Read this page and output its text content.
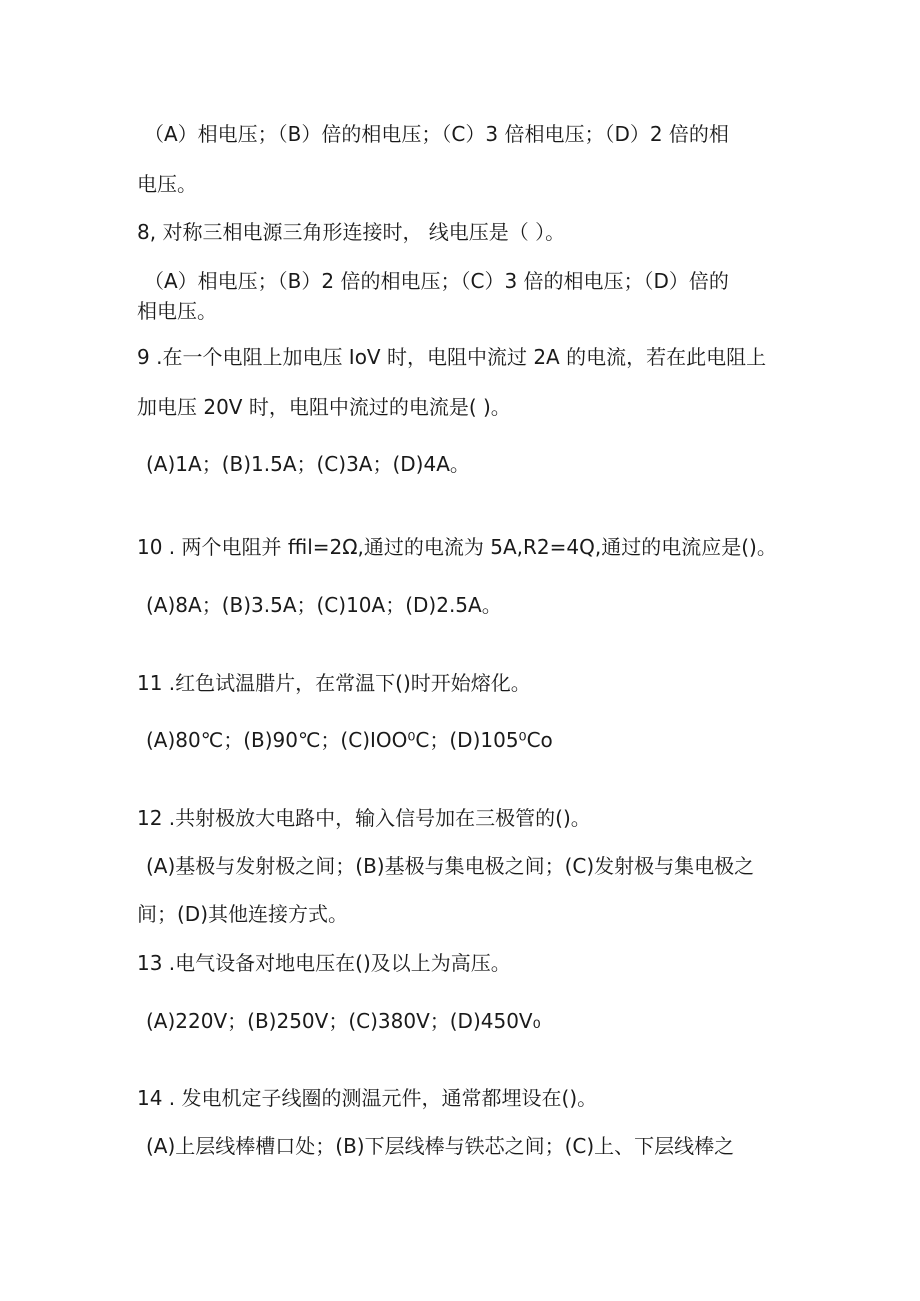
（A）相电压；（B）倍的相电压；（C）3 倍相电压；（D）2 倍的相
电压。
8, 对称三相电源三角形连接时， 线电压是（ ）。
（A）相电压；（B）2 倍的相电压；（C）3 倍的相电压；（D）倍的
相电压。
9 .在一个电阻上加电压 IoV 时，电阻中流过 2A 的电流，若在此电阻上
加电压 20V 时，电阻中流过的电流是( )。
(A)1A；(B)1.5A；(C)3A；(D)4A。
10 . 两个电阻并 ffil=2Ω,通过的电流为 5A,R2=4Q,通过的电流应是()。
(A)8A；(B)3.5A；(C)10A；(D)2.5A。
11 .红色试温腊片，在常温下()时开始熔化。
(A)80℃；(B)90℃；(C)IOO⁰C；(D)105⁰Co
12 .共射极放大电路中，输入信号加在三极管的()。
(A)基极与发射极之间；(B)基极与集电极之间；(C)发射极与集电极之
间；(D)其他连接方式。
13 .电气设备对地电压在()及以上为高压。
(A)220V；(B)250V；(C)380V；(D)450V₀
14 . 发电机定子线圈的测温元件，通常都埋设在()。
(A)上层线棒槽口处；(B)下层线棒与铁芯之间；(C)上、下层线棒之
